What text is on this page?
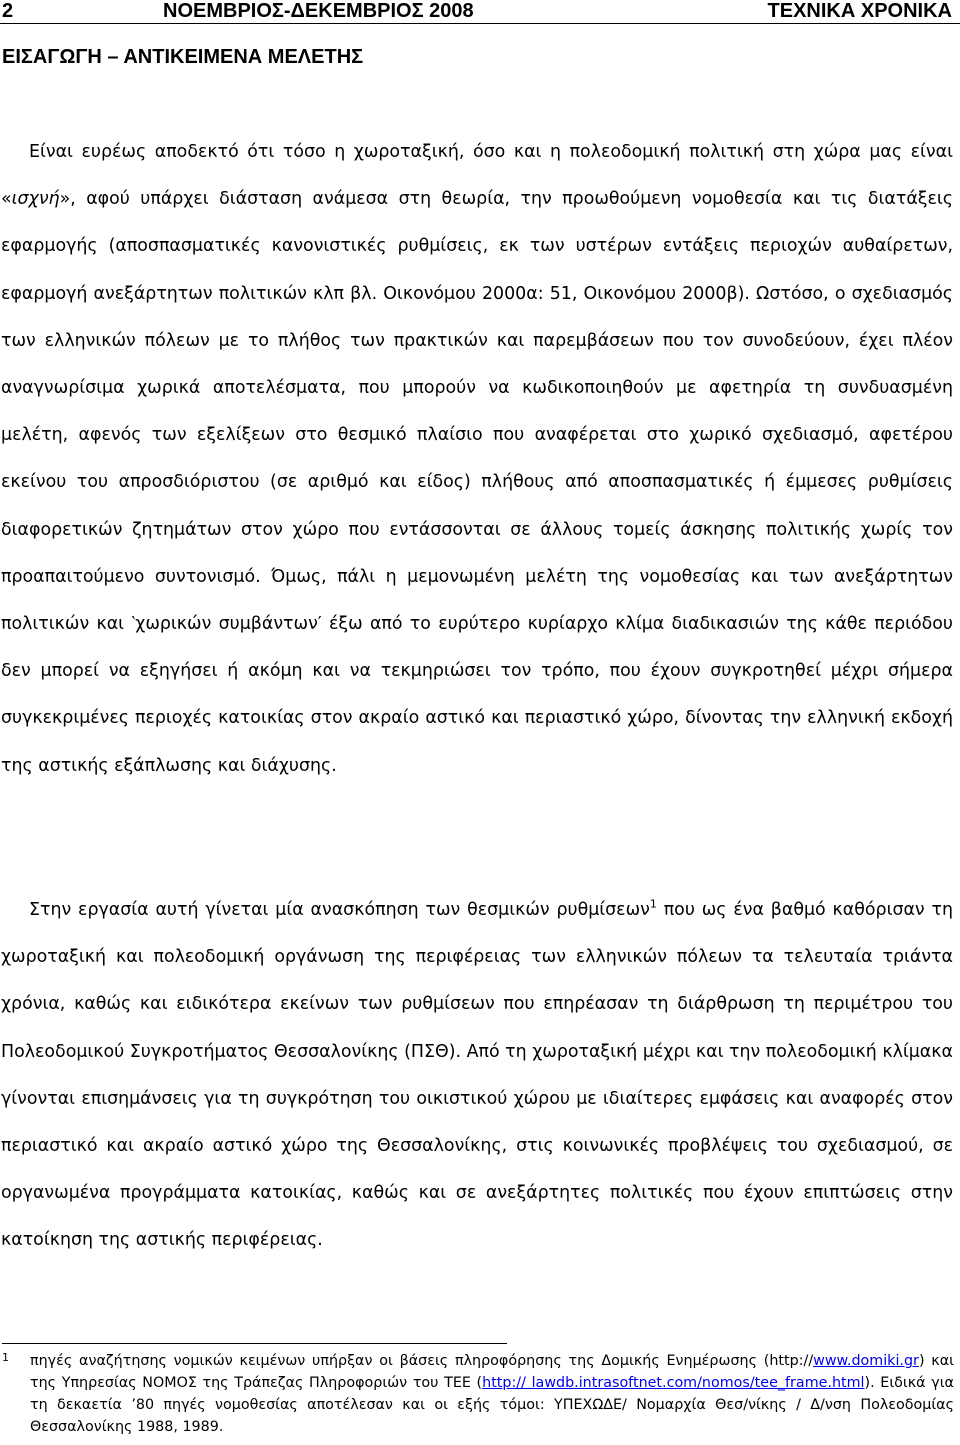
2	ΝΟΕΜΒΡΙΟΣ-ΔΕΚΕΜΒΡΙΟΣ 2008	ΤΕΧΝΙΚΑ ΧΡΟΝΙΚΑ
ΕΙΣΑΓΩΓΗ – ΑΝΤΙΚΕΙΜΕΝΑ ΜΕΛΕΤΗΣ

Είναι ευρέως αποδεκτό ότι τόσο η χωροταξική, όσο και η πολεοδομική πολιτική στη χώρα μας είναι «ισχνή», αφού υπάρχει διάσταση ανάμεσα στη θεωρία, την προωθούμενη νομοθεσία και τις διατάξεις εφαρμογής (αποσπασματικές κανονιστικές ρυθμίσεις, εκ των υστέρων εντάξεις περιοχών αυθαίρετων, εφαρμογή ανεξάρτητων πολιτικών κλπ βλ. Οικονόμου 2000α: 51, Οικονόμου 2000β). Ωστόσο, ο σχεδιασμός των ελληνικών πόλεων με το πλήθος των πρακτικών και παρεμβάσεων που τον συνοδεύουν, έχει πλέον αναγνωρίσιμα χωρικά αποτελέσματα, που μπορούν να κωδικοποιηθούν με αφετηρία τη συνδυασμένη μελέτη, αφενός των εξελίξεων στο θεσμικό πλαίσιο που αναφέρεται στο χωρικό σχεδιασμό, αφετέρου εκείνου του απροσδιόριστου (σε αριθμό και είδος) πλήθους από αποσπασματικές ή έμμεσες ρυθμίσεις διαφορετικών ζητημάτων στον χώρο που εντάσσονται σε άλλους τομείς άσκησης πολιτικής χωρίς τον προαπαιτούμενο συντονισμό. Όμως, πάλι η μεμονωμένη μελέτη της νομοθεσίας και των ανεξάρτητων πολιτικών και ‵χωρικών συμβάντων′ έξω από το ευρύτερο κυρίαρχο κλίμα διαδικασιών της κάθε περιόδου δεν μπορεί να εξηγήσει ή ακόμη και να τεκμηριώσει τον τρόπο, που έχουν συγκροτηθεί μέχρι σήμερα συγκεκριμένες περιοχές κατοικίας στον ακραίο αστικό και περιαστικό χώρο, δίνοντας την ελληνική εκδοχή της αστικής εξάπλωσης και διάχυσης.

Στην εργασία αυτή γίνεται μία ανασκόπηση των θεσμικών ρυθμίσεων$^1$ που ως ένα βαθμό καθόρισαν τη χωροταξική και πολεοδομική οργάνωση της περιφέρειας των ελληνικών πόλεων τα τελευταία τριάντα χρόνια, καθώς και ειδικότερα εκείνων των ρυθμίσεων που επηρέασαν τη διάρθρωση τη περιμέτρου του Πολεοδομικού Συγκροτήματος Θεσσαλονίκης (ΠΣΘ). Από τη χωροταξική μέχρι και την πολεοδομική κλίμακα γίνονται επισημάνσεις για τη συγκρότηση του οικιστικού χώρου με ιδιαίτερες εμφάσεις και αναφορές στον περιαστικό και ακραίο αστικό χώρο της Θεσσαλονίκης, στις κοινωνικές προβλέψεις του σχεδιασμού, σε οργανωμένα προγράμματα κατοικίας, καθώς και σε ανεξάρτητες πολιτικές που έχουν επιπτώσεις στην κατοίκηση της αστικής περιφέρειας.

1 πηγές αναζήτησης νομικών κειμένων υπήρξαν οι βάσεις πληροφόρησης της Δομικής Ενημέρωσης (http://www.domiki.gr) και της Υπηρεσίας ΝΟΜΟΣ της Τράπεζας Πληροφοριών του ΤΕΕ (http:// lawdb.intrasoftnet.com/nomos/tee_frame.html). Ειδικά για τη δεκαετία ’80 πηγές νομοθεσίας αποτέλεσαν και οι εξής τόμοι: ΥΠΕΧΩΔΕ/ Νομαρχία Θεσ/νίκης / Δ/νση Πολεοδομίας Θεσσαλονίκης 1988, 1989.
